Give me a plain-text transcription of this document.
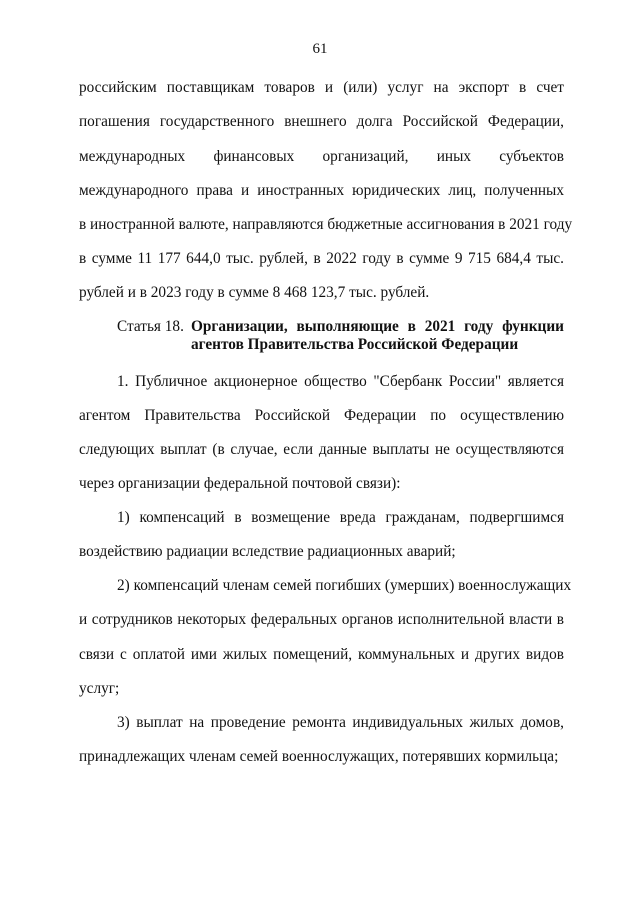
61
российским поставщикам товаров и (или) услуг на экспорт в счет
погашения государственного внешнего долга Российской Федерации,
международных финансовых организаций, иных субъектов
международного права и иностранных юридических лиц, полученных
в иностранной валюте, направляются бюджетные ассигнования в 2021 году
в сумме 11 177 644,0 тыс. рублей, в 2022 году в сумме 9 715 684,4 тыс.
рублей и в 2023 году в сумме 8 468 123,7 тыс. рублей.
Статья 18. Организации, выполняющие в 2021 году функции
агентов Правительства Российской Федерации
1. Публичное акционерное общество "Сбербанк России" является
агентом Правительства Российской Федерации по осуществлению
следующих выплат (в случае, если данные выплаты не осуществляются
через организации федеральной почтовой связи):
1) компенсаций в возмещение вреда гражданам, подвергшимся
воздействию радиации вследствие радиационных аварий;
2) компенсаций членам семей погибших (умерших) военнослужащих
и сотрудников некоторых федеральных органов исполнительной власти в
связи с оплатой ими жилых помещений, коммунальных и других видов
услуг;
3) выплат на проведение ремонта индивидуальных жилых домов,
принадлежащих членам семей военнослужащих, потерявших кормильца;
